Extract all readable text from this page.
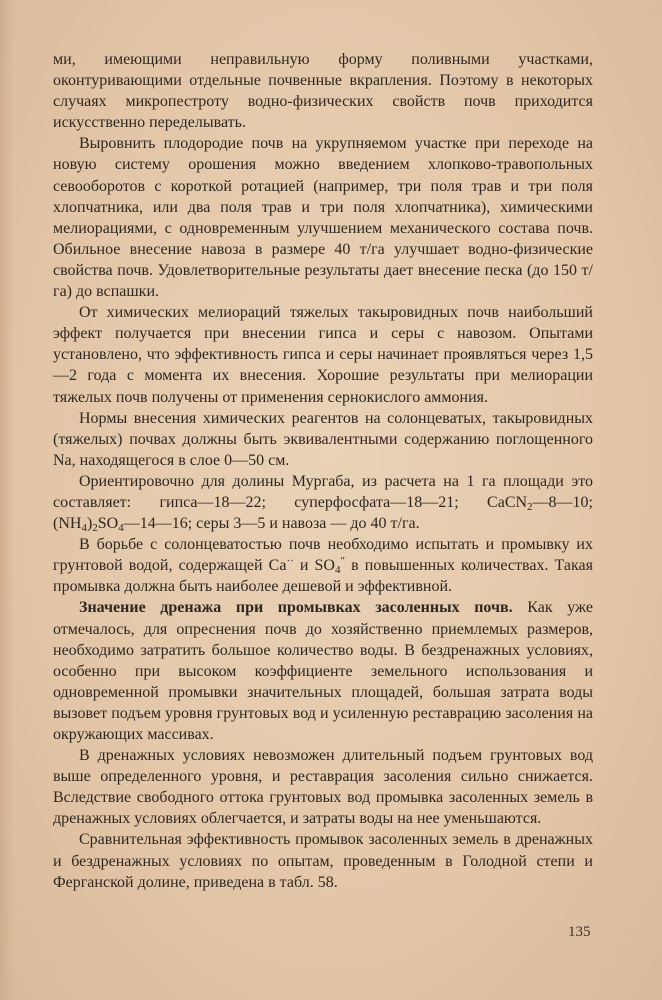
ми, имеющими неправильную форму поливными участками, оконтуривающими отдельные почвенные вкрапления. Поэтому в некоторых случаях микропестроту водно-физических свойств почв приходится искусственно переделывать.

Выровнить плодородие почв на укрупняемом участке при переходе на новую систему орошения можно введением хлопково-травопольных севооборотов с короткой ротацией (например, три поля трав и три поля хлопчатника, или два поля трав и три поля хлопчатника), химическими мелиорациями, с одновременным улучшением механического состава почв. Обильное внесение навоза в размере 40 т/га улучшает водно-физические свойства почв. Удовлетворительные результаты дает внесение песка (до 150 т/га) до вспашки.

От химических мелиораций тяжелых такыровидных почв наибольший эффект получается при внесении гипса и серы с навозом. Опытами установлено, что эффективность гипса и серы начинает проявляться через 1,5—2 года с момента их внесения. Хорошие результаты при мелиорации тяжелых почв получены от применения сернокислого аммония.

Нормы внесения химических реагентов на солонцеватых, такыровидных (тяжелых) почвах должны быть эквивалентными содержанию поглощенного Na, находящегося в слое 0—50 см.

Ориентировочно для долины Мургаба, из расчета на 1 га площади это составляет: гипса—18—22; суперфосфата—18—21; CaCN$_2$—8—10; $(NH_4)_2SO_4—14—16$; серы 3—5 и навоза — до 40 т/га.

В борьбе с солонцеватостью почв необходимо испытать и промывку их грунтовой водой, содержащей Ca·· и $SO_4''$ в повышенных количествах. Такая промывка должна быть наиболее дешевой и эффективной.

Значение дренажа при промывках засоленных почв. Как уже отмечалось, для опреснения почв до хозяйственно приемлемых размеров, необходимо затратить большое количество воды. В бездренажных условиях, особенно при высоком коэффициенте земельного использования и одновременной промывки значительных площадей, большая затрата воды вызовет подъем уровня грунтовых вод и усиленную реставрацию засоления на окружающих массивах.

В дренажных условиях невозможен длительный подъем грунтовых вод выше определенного уровня, и реставрация засоления сильно снижается. Вследствие свободного оттока грунтовых вод промывка засоленных земель в дренажных условиях облегчается, и затраты воды на нее уменьшаются.

Сравнительная эффективность промывок засоленных земель в дренажных и бездренажных условиях по опытам, проведенным в Голодной степи и Ферганской долине, приведена в табл. 58.

135
